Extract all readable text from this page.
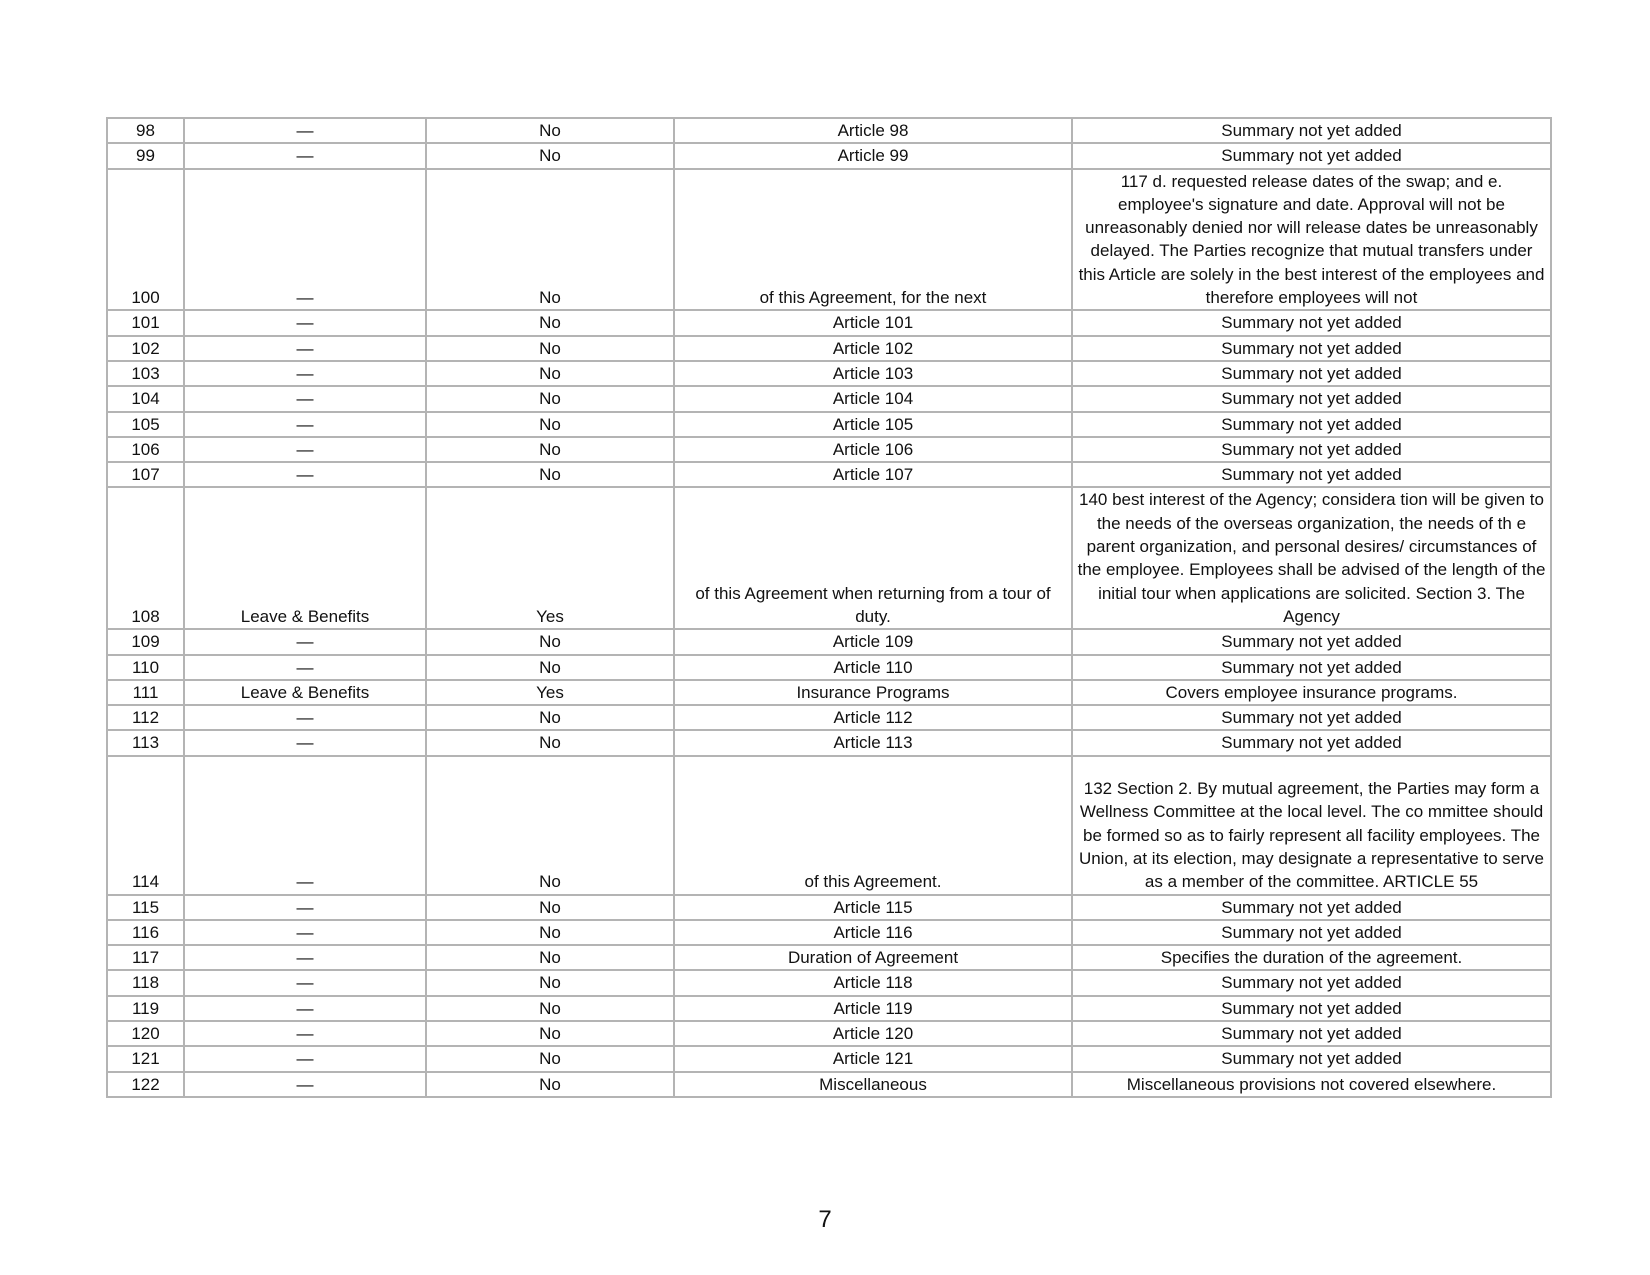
98	—	No	Article 98	Summary not yet added
99	—	No	Article 99	Summary not yet added
100	—	No	of this Agreement, for the next	117 d. requested release dates of the swap; and e. employee's signature and date. Approval will not be unreasonably denied nor will release dates be unreasonably delayed. The Parties recognize that mutual transfers under this Article are solely in the best interest of the employees and therefore employees will not
101	—	No	Article 101	Summary not yet added
102	—	No	Article 102	Summary not yet added
103	—	No	Article 103	Summary not yet added
104	—	No	Article 104	Summary not yet added
105	—	No	Article 105	Summary not yet added
106	—	No	Article 106	Summary not yet added
107	—	No	Article 107	Summary not yet added
108	Leave & Benefits	Yes	of this Agreement when returning from a tour of duty.	140 best interest of the Agency; considera tion will be given to the needs of the overseas organization, the needs of th e parent organization, and personal desires/ circumstances of the employee. Employees shall be advised of the length of the initial tour when applications are solicited. Section 3. The Agency
109	—	No	Article 109	Summary not yet added
110	—	No	Article 110	Summary not yet added
111	Leave & Benefits	Yes	Insurance Programs	Covers employee insurance programs.
112	—	No	Article 112	Summary not yet added
113	—	No	Article 113	Summary not yet added
114	—	No	of this Agreement.	132 Section 2. By mutual agreement, the Parties may form a Wellness Committee at the local level. The co mmittee should be formed so as to fairly represent all facility employees. The Union, at its election, may designate a representative to serve as a member of the committee. ARTICLE 55
115	—	No	Article 115	Summary not yet added
116	—	No	Article 116	Summary not yet added
117	—	No	Duration of Agreement	Specifies the duration of the agreement.
118	—	No	Article 118	Summary not yet added
119	—	No	Article 119	Summary not yet added
120	—	No	Article 120	Summary not yet added
121	—	No	Article 121	Summary not yet added
122	—	No	Miscellaneous	Miscellaneous provisions not covered elsewhere.
7
